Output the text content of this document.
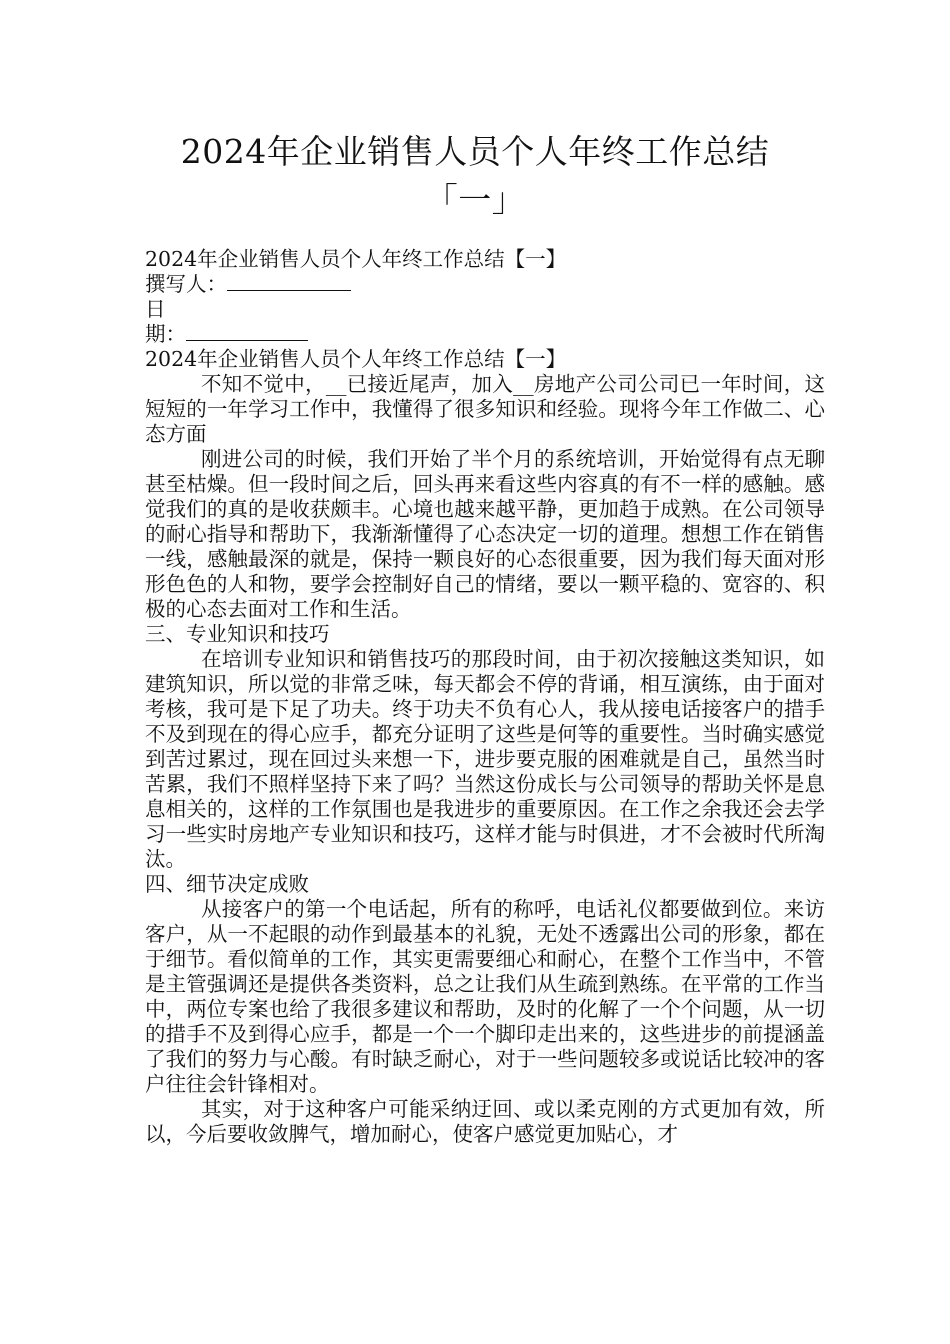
2024年企业销售人员个人年终工作总结
「一」

2024年企业销售人员个人年终工作总结【一】

撰写人：

日

期：

2024年企业销售人员个人年终工作总结【一】

不知不觉中，__已接近尾声，加入__房地产公司公司已一年时间，这短短的一年学习工作中，我懂得了很多知识和经验。现将今年工作做二、心态方面

刚进公司的时候，我们开始了半个月的系统培训，开始觉得有点无聊甚至枯燥。但一段时间之后，回头再来看这些内容真的有不一样的感触。感觉我们的真的是收获颇丰。心境也越来越平静，更加趋于成熟。在公司领导的耐心指导和帮助下，我渐渐懂得了心态决定一切的道理。想想工作在销售一线，感触最深的就是，保持一颗良好的心态很重要，因为我们每天面对形形色色的人和物，要学会控制好自己的情绪，要以一颗平稳的、宽容的、积极的心态去面对工作和生活。

三、专业知识和技巧

在培训专业知识和销售技巧的那段时间，由于初次接触这类知识，如建筑知识，所以觉的非常乏味，每天都会不停的背诵，相互演练，由于面对考核，我可是下足了功夫。终于功夫不负有心人，我从接电话接客户的措手不及到现在的得心应手，都充分证明了这些是何等的重要性。当时确实感觉到苦过累过，现在回过头来想一下，进步要克服的困难就是自己，虽然当时苦累，我们不照样坚持下来了吗？当然这份成长与公司领导的帮助关怀是息息相关的，这样的工作氛围也是我进步的重要原因。在工作之余我还会去学习一些实时房地产专业知识和技巧，这样才能与时俱进，才不会被时代所淘汰。

四、细节决定成败

从接客户的第一个电话起，所有的称呼，电话礼仪都要做到位。来访客户，从一不起眼的动作到最基本的礼貌，无处不透露出公司的形象，都在于细节。看似简单的工作，其实更需要细心和耐心，在整个工作当中，不管是主管强调还是提供各类资料，总之让我们从生疏到熟练。在平常的工作当中，两位专案也给了我很多建议和帮助，及时的化解了一个个问题，从一切的措手不及到得心应手，都是一个一个脚印走出来的，这些进步的前提涵盖了我们的努力与心酸。有时缺乏耐心，对于一些问题较多或说话比较冲的客户往往会针锋相对。

其实，对于这种客户可能采纳迂回、或以柔克刚的方式更加有效，所以，今后要收敛脾气，增加耐心，使客户感觉更加贴心，才
